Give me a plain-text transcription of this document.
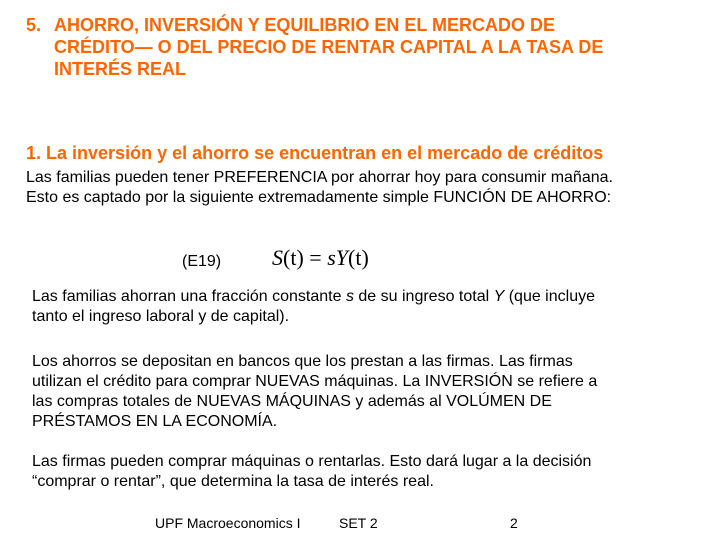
5. AHORRO, INVERSIÓN Y EQUILIBRIO EN EL MERCADO DE
CRÉDITO— O DEL PRECIO DE RENTAR CAPITAL A LA TASA DE
INTERÉS REAL
1. La inversión y el ahorro se encuentran en el mercado de créditos
Las familias pueden tener PREFERENCIA por ahorrar hoy para consumir mañana.
Esto es captado por la siguiente extremadamente simple FUNCIÓN DE AHORRO:
(E19) S(t) = sY(t)
Las familias ahorran una fracción constante s de su ingreso total Y (que incluye
tanto el ingreso laboral y de capital).
Los ahorros se depositan en bancos que los prestan a las firmas. Las firmas
utilizan el crédito para comprar NUEVAS máquinas. La INVERSIÓN se refiere a
las compras totales de NUEVAS MÁQUINAS y además al VOLÚMEN DE
PRÉSTAMOS EN LA ECONOMÍA.
Las firmas pueden comprar máquinas o rentarlas. Esto dará lugar a la decisión
“comprar o rentar”, que determina la tasa de interés real.
UPF Macroeconomics I	SET 2	2
